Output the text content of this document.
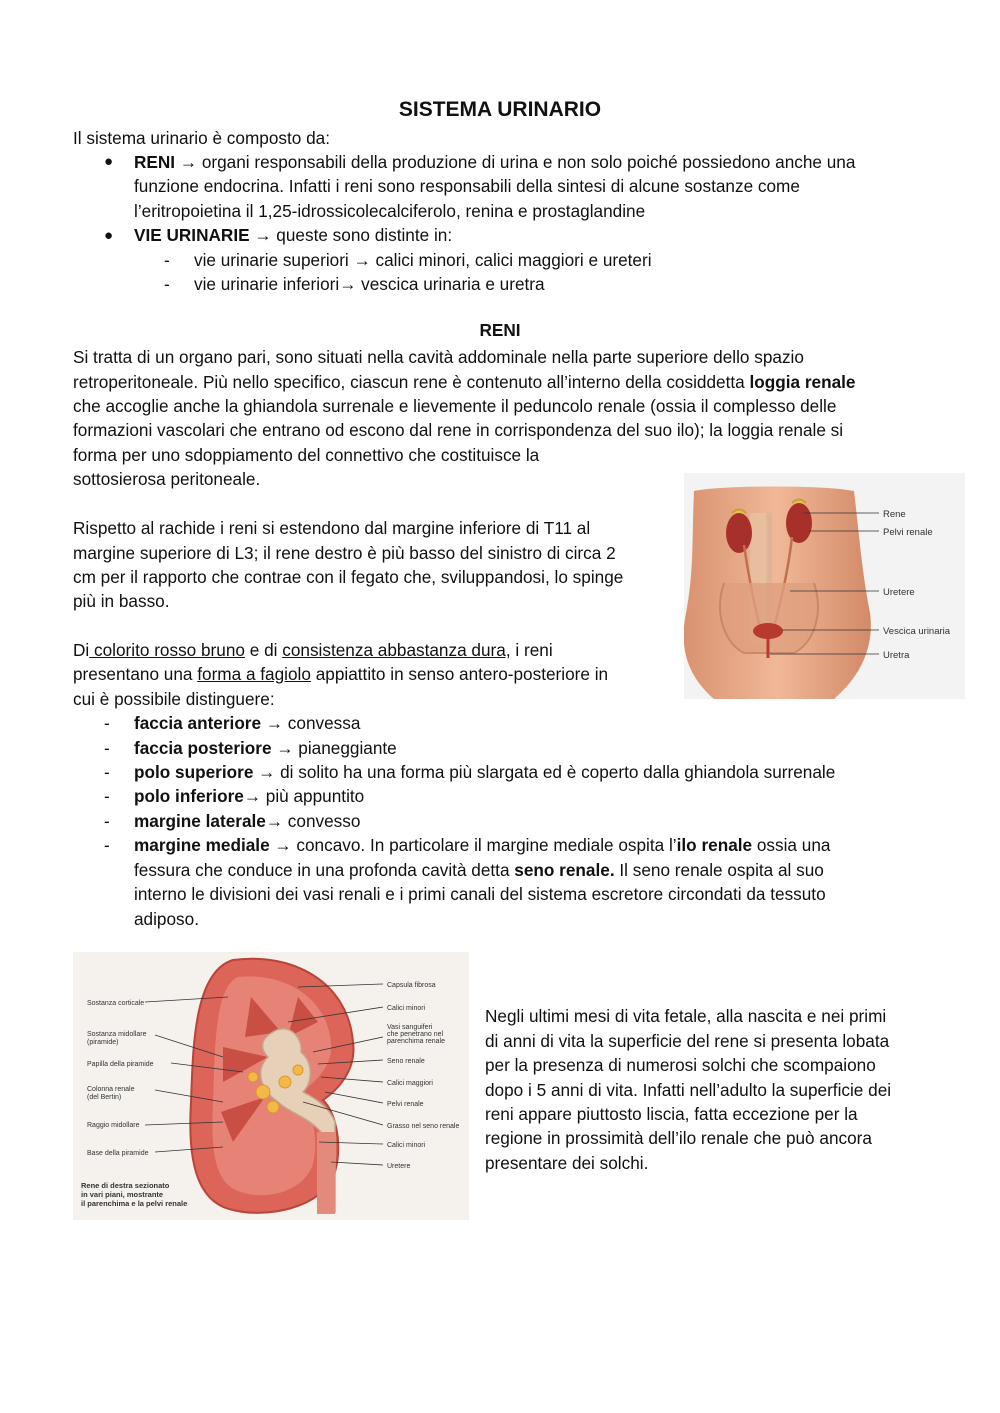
SISTEMA URINARIO
Il sistema urinario è composto da:
● RENI → organi responsabili della produzione di urina e non solo poiché possiedono anche una
funzione endocrina. Infatti i reni sono responsabili della sintesi di alcune sostanze come
l’eritropoietina il 1,25-idrossicolecalciferolo, renina e prostaglandine
● VIE URINARIE → queste sono distinte in:
- vie urinarie superiori → calici minori, calici maggiori e ureteri
- vie urinarie inferiori→ vescica urinaria e uretra
RENI
Si tratta di un organo pari, sono situati nella cavità addominale nella parte superiore dello spazio
retroperitoneale. Più nello specifico, ciascun rene è contenuto all’interno della cosiddetta loggia renale
che accoglie anche la ghiandola surrenale e lievemente il peduncolo renale (ossia il complesso delle
formazioni vascolari che entrano od escono dal rene in corrispondenza del suo ilo); la loggia renale si
forma per uno sdoppiamento del connettivo che costituisce la
sottosierosa peritoneale.
Rispetto al rachide i reni si estendono dal margine inferiore di T11 al
margine superiore di L3; il rene destro è più basso del sinistro di circa 2
cm per il rapporto che contrae con il fegato che, sviluppandosi, lo spinge
più in basso.
Di colorito rosso bruno e di consistenza abbastanza dura, i reni
presentano una forma a fagiolo appiattito in senso antero-posteriore in
cui è possibile distinguere:
- faccia anteriore → convessa
- faccia posteriore → pianeggiante
- polo superiore → di solito ha una forma più slargata ed è coperto dalla ghiandola surrenale
- polo inferiore→ più appuntito
- margine laterale→ convesso
- margine mediale → concavo. In particolare il margine mediale ospita l’ilo renale ossia una
fessura che conduce in una profonda cavità detta seno renale. Il seno renale ospita al suo
interno le divisioni dei vasi renali e i primi canali del sistema escretore circondati da tessuto
adiposo.
Negli ultimi mesi di vita fetale, alla nascita e nei primi
di anni di vita la superficie del rene si presenta lobata
per la presenza di numerosi solchi che scompaiono
dopo i 5 anni di vita. Infatti nell’adulto la superficie dei
reni appare piuttosto liscia, fatta eccezione per la
regione in prossimità dell’ilo renale che può ancora
presentare dei solchi.
Rene
Pelvi renale
Uretere
Vescica urinaria
Uretra
Sostanza corticale
Sostanza midollare
(piramide)
Papilla della piramide
Colonna renale
(del Bertin)
Raggio midollare
Base della piramide
Capsula fibrosa
Calici minori
Vasi sanguiferi
che penetrano nel
parenchima renale
Seno renale
Calici maggiori
Pelvi renale
Grasso nel seno renale
Calici minori
Uretere
Rene di destra sezionato
in vari piani, mostrante
il parenchima e la pelvi renale
